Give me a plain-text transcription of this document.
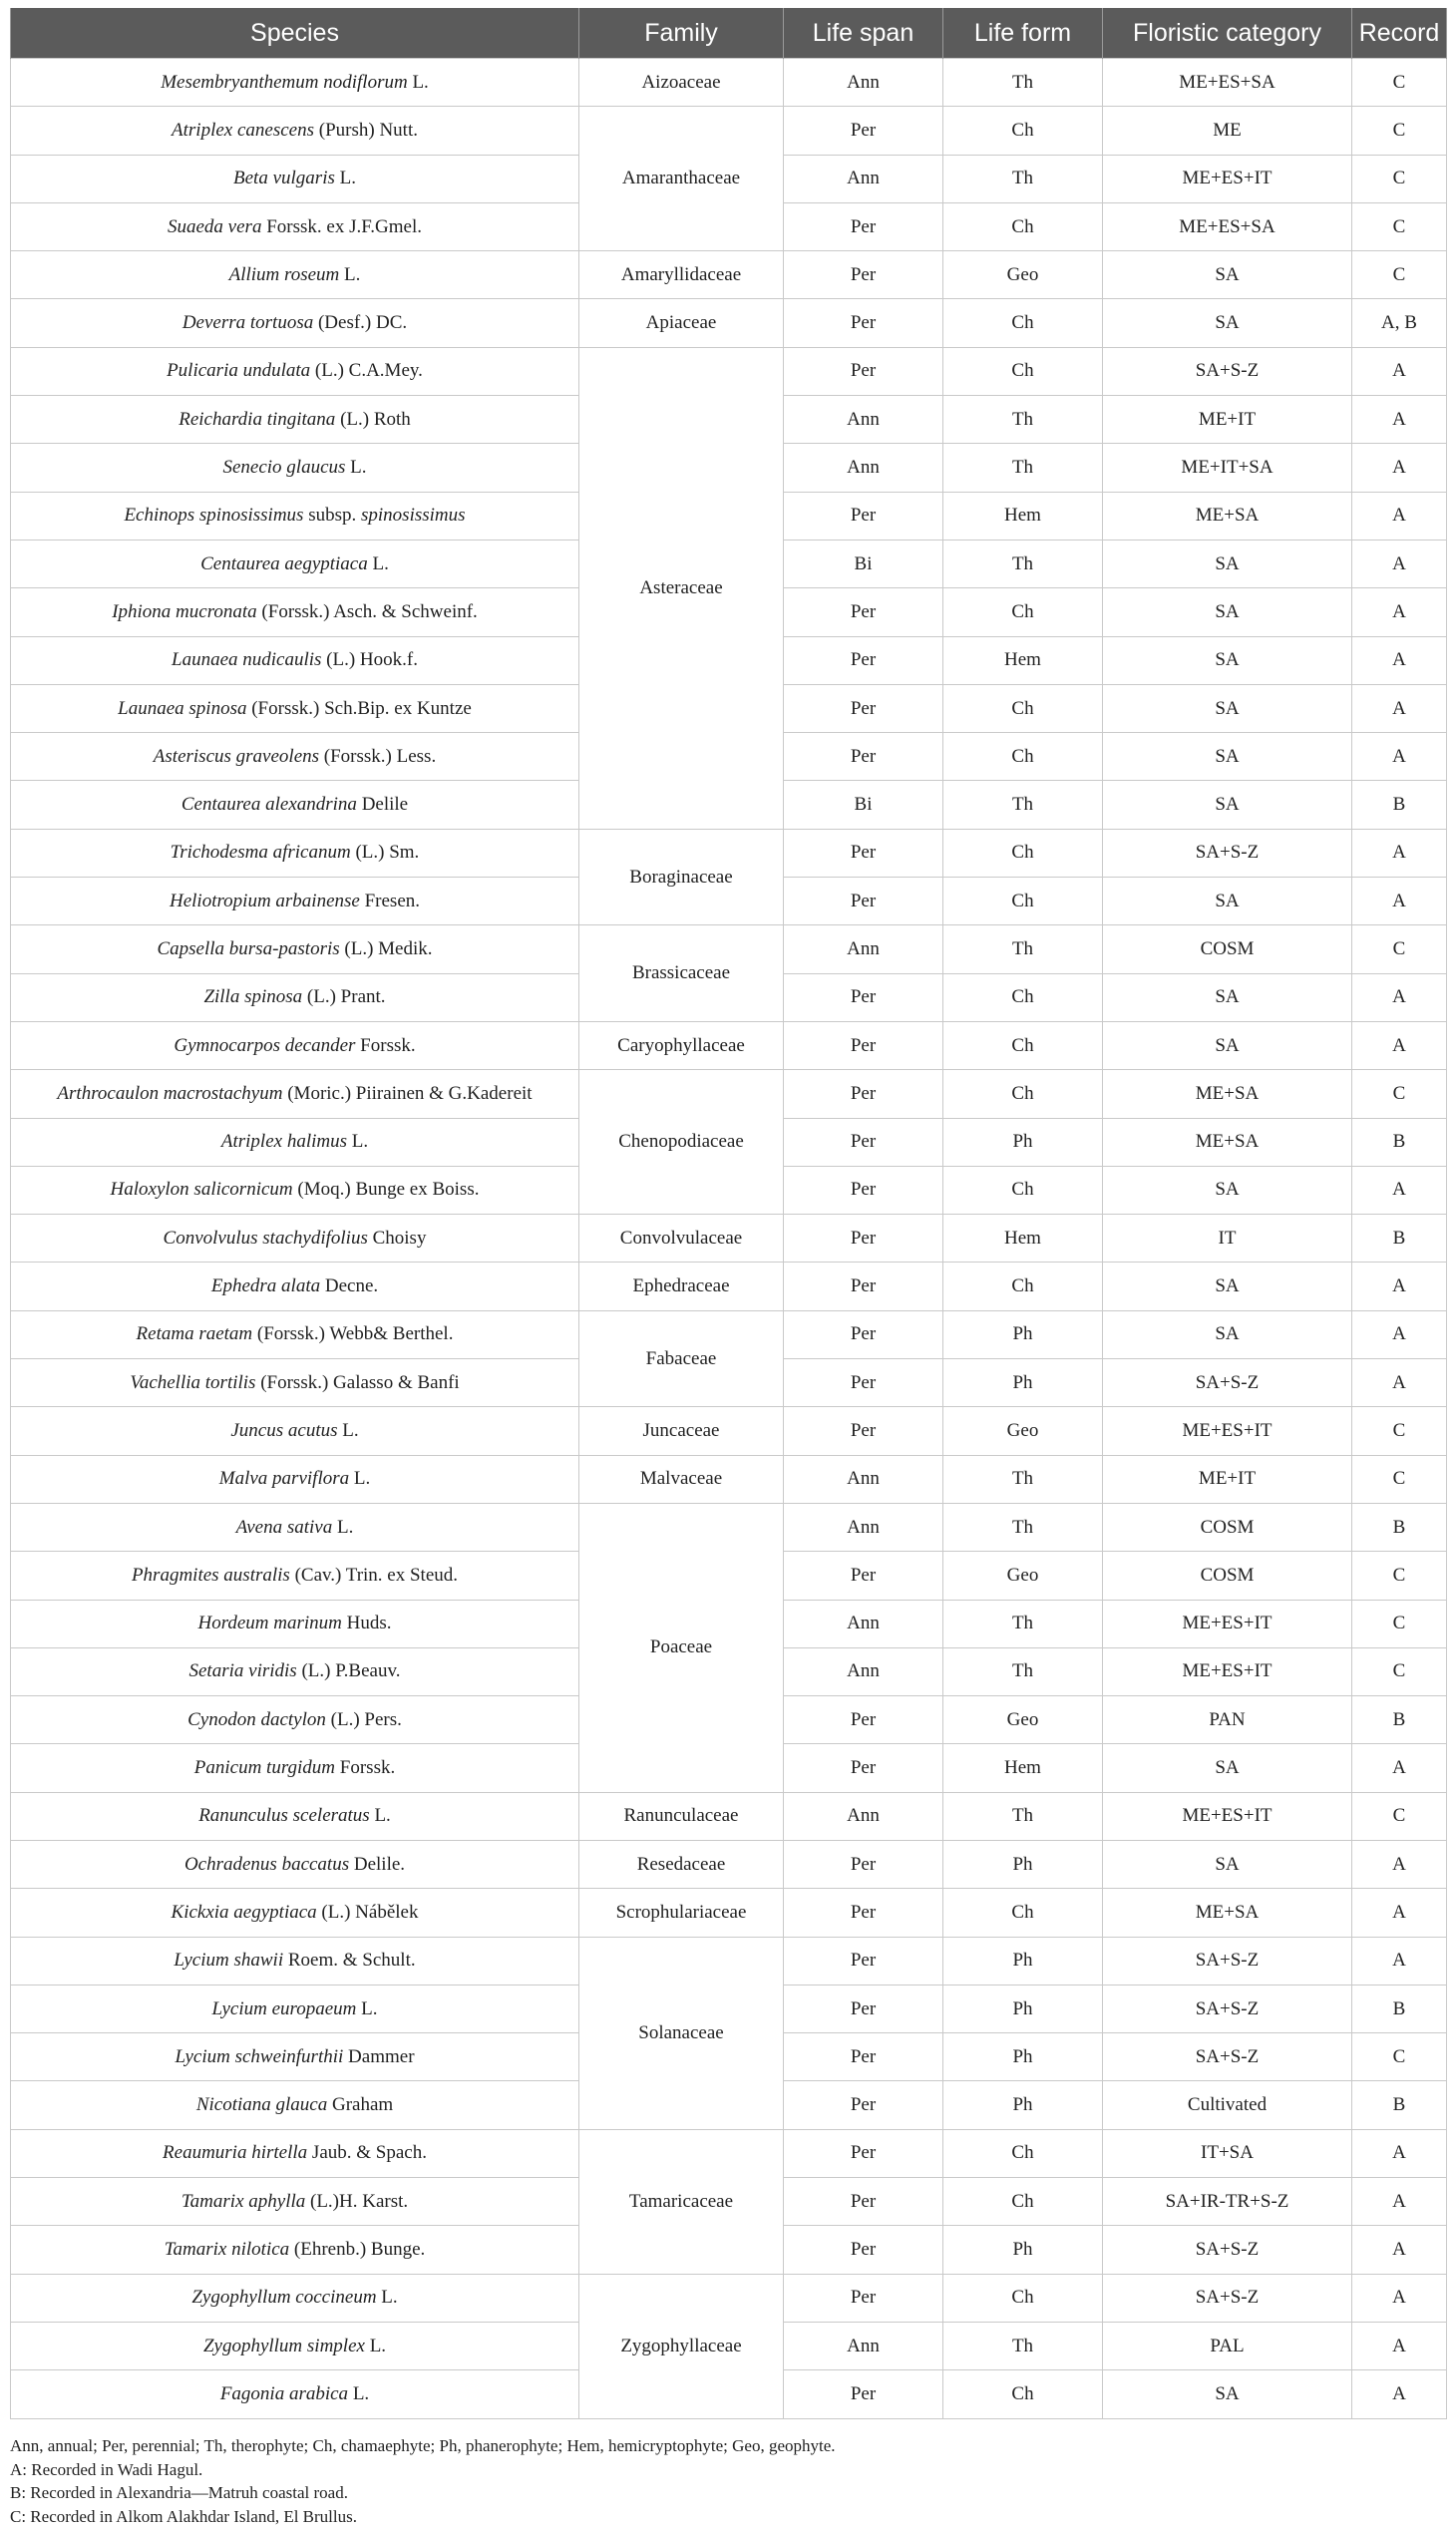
Species	Family	Life span	Life form	Floristic category	Record
Mesembryanthemum nodiflorum L.	Aizoaceae	Ann	Th	ME+ES+SA	C
Atriplex canescens (Pursh) Nutt.	Amaranthaceae	Per	Ch	ME	C
Beta vulgaris L.		Ann	Th	ME+ES+IT	C
Suaeda vera Forssk. ex J.F.Gmel.		Per	Ch	ME+ES+SA	C
Allium roseum L.	Amaryllidaceae	Per	Geo	SA	C
Deverra tortuosa (Desf.) DC.	Apiaceae	Per	Ch	SA	A, B
Pulicaria undulata (L.) C.A.Mey.	Asteraceae	Per	Ch	SA+S-Z	A
Reichardia tingitana (L.) Roth		Ann	Th	ME+IT	A
Senecio glaucus L.		Ann	Th	ME+IT+SA	A
Echinops spinosissimus subsp. spinosissimus		Per	Hem	ME+SA	A
Centaurea aegyptiaca L.		Bi	Th	SA	A
Iphiona mucronata (Forssk.) Asch. & Schweinf.		Per	Ch	SA	A
Launaea nudicaulis (L.) Hook.f.		Per	Hem	SA	A
Launaea spinosa (Forssk.) Sch.Bip. ex Kuntze		Per	Ch	SA	A
Asteriscus graveolens (Forssk.) Less.		Per	Ch	SA	A
Centaurea alexandrina Delile		Bi	Th	SA	B
Trichodesma africanum (L.) Sm.	Boraginaceae	Per	Ch	SA+S-Z	A
Heliotropium arbainense Fresen.		Per	Ch	SA	A
Capsella bursa-pastoris (L.) Medik.	Brassicaceae	Ann	Th	COSM	C
Zilla spinosa (L.) Prant.		Per	Ch	SA	A
Gymnocarpos decander Forssk.	Caryophyllaceae	Per	Ch	SA	A
Arthrocaulon macrostachyum (Moric.) Piirainen & G.Kadereit	Chenopodiaceae	Per	Ch	ME+SA	C
Atriplex halimus L.		Per	Ph	ME+SA	B
Haloxylon salicornicum (Moq.) Bunge ex Boiss.		Per	Ch	SA	A
Convolvulus stachydifolius Choisy	Convolvulaceae	Per	Hem	IT	B
Ephedra alata Decne.	Ephedraceae	Per	Ch	SA	A
Retama raetam (Forssk.) Webb& Berthel.	Fabaceae	Per	Ph	SA	A
Vachellia tortilis (Forssk.) Galasso & Banfi		Per	Ph	SA+S-Z	A
Juncus acutus L.	Juncaceae	Per	Geo	ME+ES+IT	C
Malva parviflora L.	Malvaceae	Ann	Th	ME+IT	C
Avena sativa L.	Poaceae	Ann	Th	COSM	B
Phragmites australis (Cav.) Trin. ex Steud.		Per	Geo	COSM	C
Hordeum marinum Huds.		Ann	Th	ME+ES+IT	C
Setaria viridis (L.) P.Beauv.		Ann	Th	ME+ES+IT	C
Cynodon dactylon (L.) Pers.		Per	Geo	PAN	B
Panicum turgidum Forssk.		Per	Hem	SA	A
Ranunculus sceleratus L.	Ranunculaceae	Ann	Th	ME+ES+IT	C
Ochradenus baccatus Delile.	Resedaceae	Per	Ph	SA	A
Kickxia aegyptiaca (L.) Nábělek	Scrophulariaceae	Per	Ch	ME+SA	A
Lycium shawii Roem. & Schult.	Solanaceae	Per	Ph	SA+S-Z	A
Lycium europaeum L.		Per	Ph	SA+S-Z	B
Lycium schweinfurthii Dammer		Per	Ph	SA+S-Z	C
Nicotiana glauca Graham		Per	Ph	Cultivated	B
Reaumuria hirtella Jaub. & Spach.	Tamaricaceae	Per	Ch	IT+SA	A
Tamarix aphylla (L.)H. Karst.		Per	Ch	SA+IR-TR+S-Z	A
Tamarix nilotica (Ehrenb.) Bunge.		Per	Ph	SA+S-Z	A
Zygophyllum coccineum L.	Zygophyllaceae	Per	Ch	SA+S-Z	A
Zygophyllum simplex L.		Ann	Th	PAL	A
Fagonia arabica L.		Per	Ch	SA	A
Ann, annual; Per, perennial; Th, therophyte; Ch, chamaephyte; Ph, phanerophyte; Hem, hemicryptophyte; Geo, geophyte.
A: Recorded in Wadi Hagul.
B: Recorded in Alexandria—Matruh coastal road.
C: Recorded in Alkom Alakhdar Island, El Brullus.
